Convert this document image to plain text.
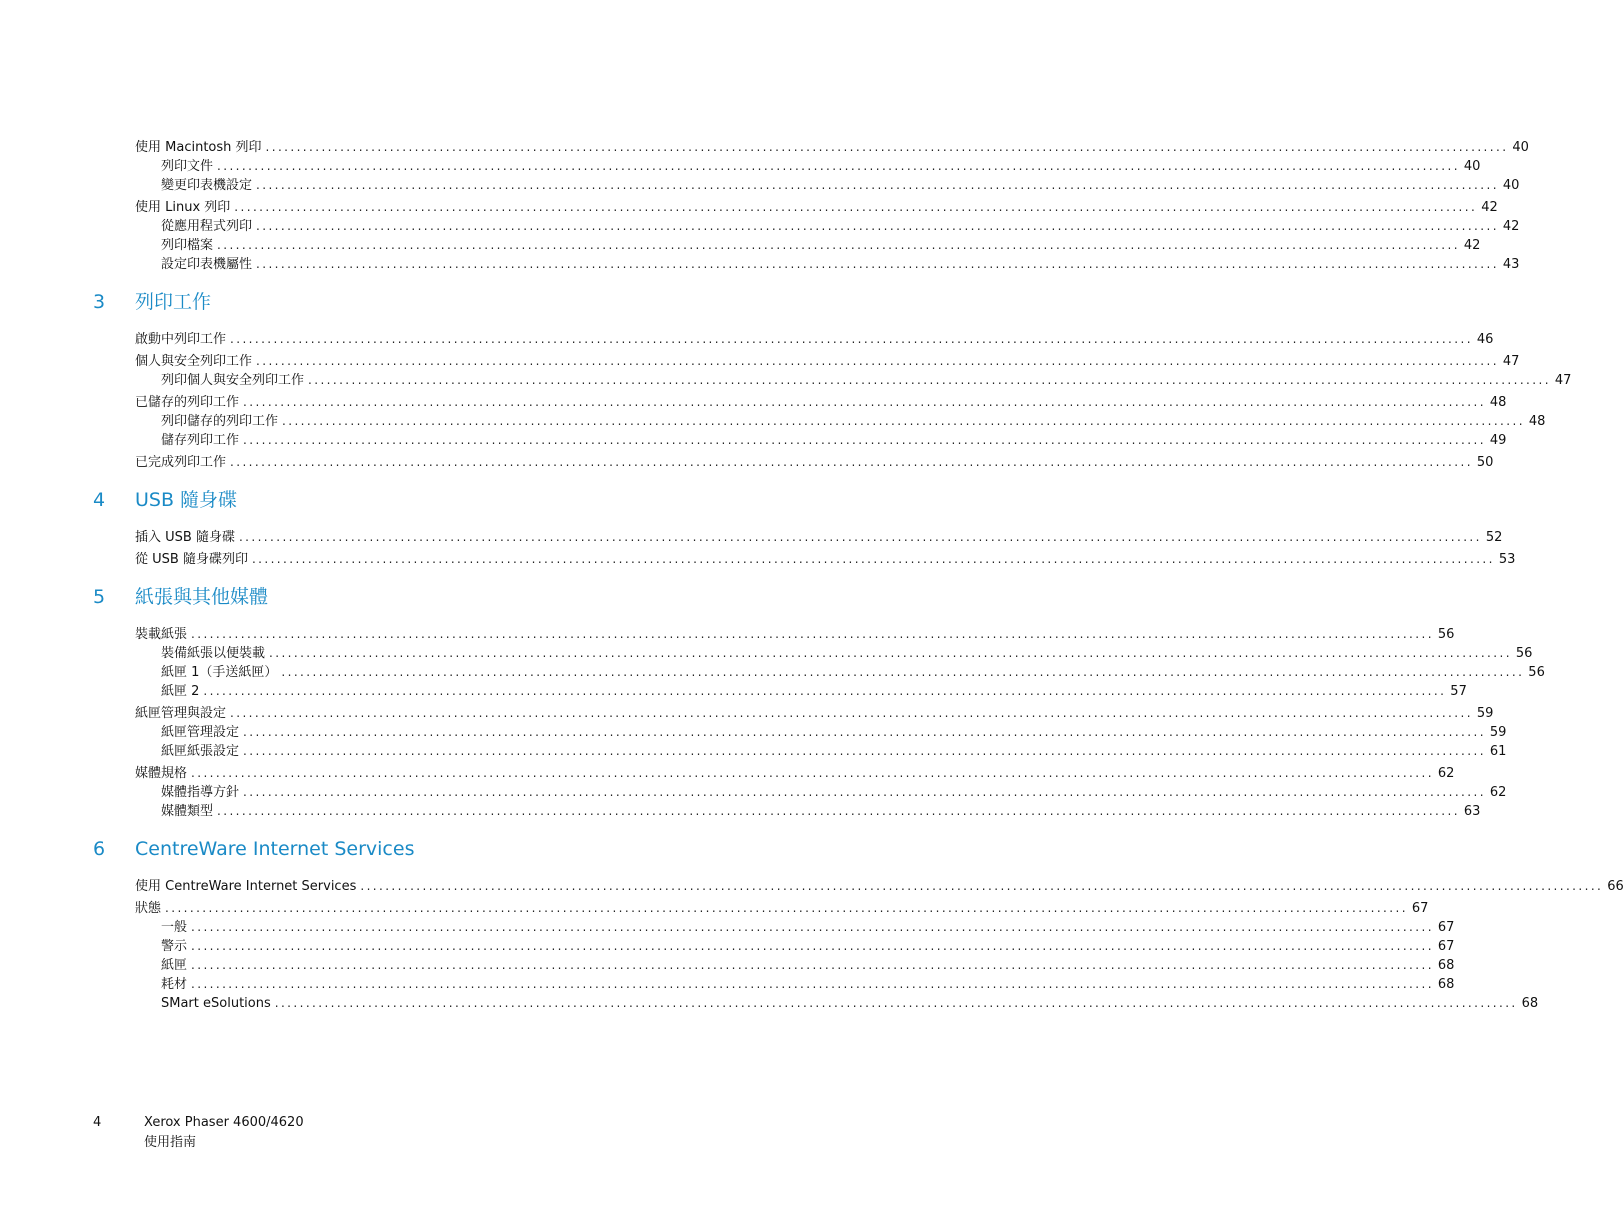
使用 Macintosh 列印 ........................................................................................................................................................................................................ 40
列印文件 ........................................................................................................................................................................................................ 40
變更印表機設定 ........................................................................................................................................................................................................ 40
使用 Linux 列印 ........................................................................................................................................................................................................ 42
從應用程式列印 ........................................................................................................................................................................................................ 42
列印檔案 ........................................................................................................................................................................................................ 42
設定印表機屬性 ........................................................................................................................................................................................................ 43
3 列印工作
啟動中列印工作 ........................................................................................................................................................................................................ 46
個人與安全列印工作 ........................................................................................................................................................................................................ 47
列印個人與安全列印工作 ........................................................................................................................................................................................................ 47
已儲存的列印工作 ........................................................................................................................................................................................................ 48
列印儲存的列印工作 ........................................................................................................................................................................................................ 48
儲存列印工作 ........................................................................................................................................................................................................ 49
已完成列印工作 ........................................................................................................................................................................................................ 50
4 USB 隨身碟
插入 USB 隨身碟 ........................................................................................................................................................................................................ 52
從 USB 隨身碟列印 ........................................................................................................................................................................................................ 53
5 紙張與其他媒體
裝載紙張 ........................................................................................................................................................................................................ 56
裝備紙張以便裝載 ........................................................................................................................................................................................................ 56
紙匣 1（手送紙匣） ........................................................................................................................................................................................................ 56
紙匣 2 ........................................................................................................................................................................................................ 57
紙匣管理與設定 ........................................................................................................................................................................................................ 59
紙匣管理設定 ........................................................................................................................................................................................................ 59
紙匣紙張設定 ........................................................................................................................................................................................................ 61
媒體規格 ........................................................................................................................................................................................................ 62
媒體指導方針 ........................................................................................................................................................................................................ 62
媒體類型 ........................................................................................................................................................................................................ 63
6 CentreWare Internet Services
使用 CentreWare Internet Services ........................................................................................................................................................................................................ 66
狀態 ........................................................................................................................................................................................................ 67
一般 ........................................................................................................................................................................................................ 67
警示 ........................................................................................................................................................................................................ 67
紙匣 ........................................................................................................................................................................................................ 68
耗材 ........................................................................................................................................................................................................ 68
SMart eSolutions ........................................................................................................................................................................................................ 68
4	Xerox Phaser 4600/4620
使用指南
